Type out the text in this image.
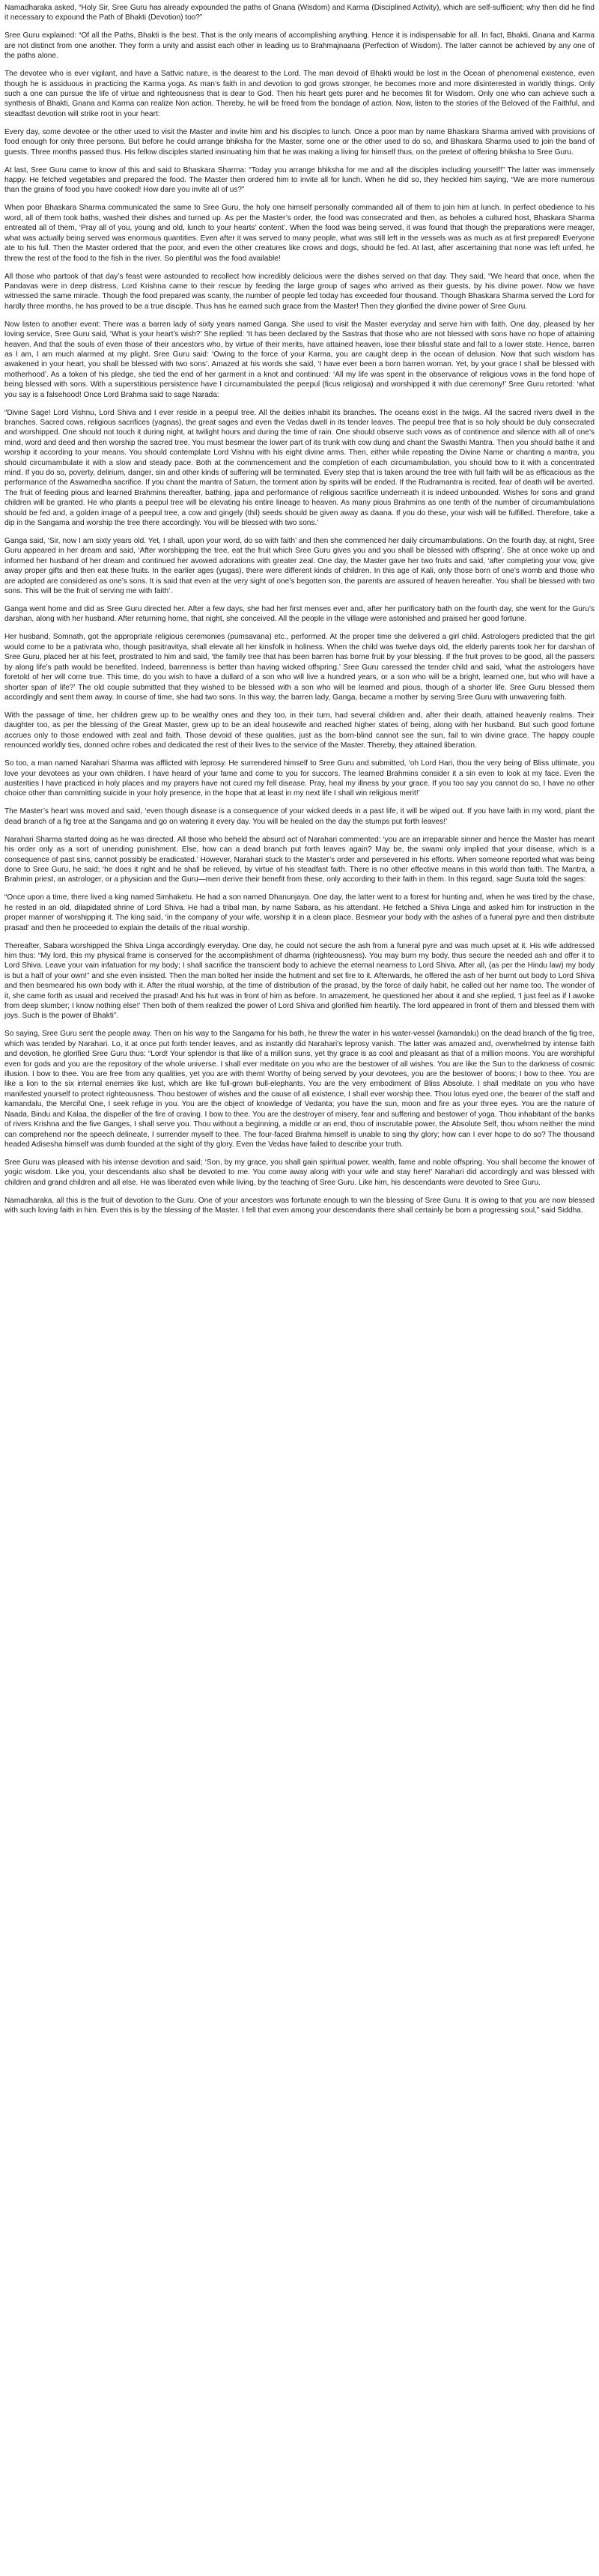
Namadharaka asked, “Holy Sir, Sree Guru has already expounded the paths of Gnana (Wisdom) and Karma (Disciplined Activity), which are self-sufficient; why then did he find it necessary to expound the Path of Bhakti (Devotion) too?”

Sree Guru explained: “Of all the Paths, Bhakti is the best. That is the only means of accomplishing anything. Hence it is indispensable for all. In fact, Bhakti, Gnana and Karma are not distinct from one another. They form a unity and assist each other in leading us to Brahmajnaana (Perfection of Wisdom). The latter cannot be achieved by any one of the paths alone.

The devotee who is ever vigilant, and have a Sattvic nature, is the dearest to the Lord. The man devoid of Bhakti would be lost in the Ocean of phenomenal existence, even though he is assiduous in practicing the Karma yoga. As man’s faith in and devotion to god grows stronger, he becomes more and more disinterested in worldly things. Only such a one can pursue the life of virtue and righteousness that is dear to God. Then his heart gets purer and he becomes fit for Wisdom. Only one who can achieve such a synthesis of Bhakti, Gnana and Karma can realize Non action. Thereby, he will be freed from the bondage of action. Now, listen to the stories of the Beloved of the Faithful, and steadfast devotion will strike root in your heart:

Every day, some devotee or the other used to visit the Master and invite him and his disciples to lunch. Once a poor man by name Bhaskara Sharma arrived with provisions of food enough for only three persons. But before he could arrange bhiksha for the Master, some one or the other used to do so, and Bhaskara Sharma used to join the band of guests. Three months passed thus. His fellow disciples started insinuating him that he was making a living for himself thus, on the pretext of offering bhiksha to Sree Guru.

At last, Sree Guru came to know of this and said to Bhaskara Sharma: “Today you arrange bhiksha for me and all the disciples including yourself!” The latter was immensely happy. He fetched vegetables and prepared the food. The Master then ordered him to invite all for lunch. When he did so, they heckled him saying, “We are more numerous than the grains of food you have cooked! How dare you invite all of us?”

When poor Bhaskara Sharma communicated the same to Sree Guru, the holy one himself personally commanded all of them to join him at lunch. In perfect obedience to his word, all of them took baths, washed their dishes and turned up. As per the Master’s order, the food was consecrated and then, as beholes a cultured host, Bhaskara Sharma entreated all of them, ‘Pray all of you, young and old, lunch to your hearts’ content’. When the food was being served, it was found that though the preparations were meager, what was actually being served was enormous quantities. Even after it was served to many people, what was still left in the vessels was as much as at first prepared! Everyone ate to his full. Then the Master ordered that the poor, and even the other creatures like crows and dogs, should be fed. At last, after ascertaining that none was left unfed, he threw the rest of the food to the fish in the river. So plentiful was the food available!

All those who partook of that day’s feast were astounded to recollect how incredibly delicious were the dishes served on that day. They said, “We heard that once, when the Pandavas were in deep distress, Lord Krishna came to their rescue by feeding the large group of sages who arrived as their guests, by his divine power. Now we have witnessed the same miracle. Though the food prepared was scanty, the number of people fed today has exceeded four thousand. Though Bhaskara Sharma served the Lord for hardly three months, he has proved to be a true disciple. Thus has he earned such grace from the Master! Then they glorified the divine power of Sree Guru.

Now listen to another event: There was a barren lady of sixty years named Ganga. She used to visit the Master everyday and serve him with faith. One day, pleased by her loving service, Sree Guru said, ‘What is your heart’s wish?’ She replied: ‘It has been declared by the Sastras that those who are not blessed with sons have no hope of attaining heaven. And that the souls of even those of their ancestors who, by virtue of their merits, have attained heaven, lose their blissful state and fall to a lower state. Hence, barren as I am, I am much alarmed at my plight. Sree Guru said: ‘Owing to the force of your Karma, you are caught deep in the ocean of delusion. Now that such wisdom has awakened in your heart, you shall be blessed with two sons’. Amazed at his words she said, ‘I have ever been a born barren woman. Yet, by your grace I shall be blessed with motherhood’. As a token of his pledge, she tied the end of her garment in a knot and continued: ‘All my life was spent in the observance of religious vows in the fond hope of being blessed with sons. With a superstitious persistence have I circumambulated the peepul (ficus religiosa) and worshipped it with due ceremony!’ Sree Guru retorted: ‘what you say is a falsehood! Once Lord Brahma said to sage Narada:

“Divine Sage! Lord Vishnu, Lord Shiva and I ever reside in a peepul tree. All the deities inhabit its branches. The oceans exist in the twigs. All the sacred rivers dwell in the branches. Sacred cows, religious sacrifices (yagnas), the great sages and even the Vedas dwell in its tender leaves. The peepul tree that is so holy should be duly consecrated and worshipped. One should not touch it during night, at twilight hours and during the time of rain. One should observe such vows as of continence and silence with all of one’s mind, word and deed and then worship the sacred tree. You must besmear the lower part of its trunk with cow dung and chant the Swasthi Mantra. Then you should bathe it and worship it according to your means. You should contemplate Lord Vishnu with his eight divine arms. Then, either while repeating the Divine Name or chanting a mantra, you should circumambulate it with a slow and steady pace. Both at the commencement and the completion of each circumambulation, you should bow to it with a concentrated mind. If you do so, poverty, delirium, danger, sin and other kinds of suffering will be terminated. Every step that is taken around the tree with full faith will be as efficacious as the performance of the Aswamedha sacrifice. If you chant the mantra of Saturn, the torment ation by spirits will be ended. If the Rudramantra is recited, fear of death will be averted. The fruit of feeding pious and learned Brahmins thereafter, bathing, japa and performance of religious sacrifice underneath it is indeed unbounded. Wishes for sons and grand children will be granted. He who plants a peepul tree will be elevating his entire lineage to heaven. As many pious Brahmins as one tenth of the number of circumambulations should be fed and, a golden image of a peepul tree, a cow and gingely (thil) seeds should be given away as daana. If you do these, your wish will be fulfilled. Therefore, take a dip in the Sangama and worship the tree there accordingly. You will be blessed with two sons.’

Ganga said, ‘Sir, now I am sixty years old. Yet, I shall, upon your word, do so with faith’ and then she commenced her daily circumambulations. On the fourth day, at night, Sree Guru appeared in her dream and said, ‘After worshipping the tree, eat the fruit which Sree Guru gives you and you shall be blessed with offspring’. She at once woke up and informed her husband of her dream and continued her avowed adorations with greater zeal. One day, the Master gave her two fruits and said, ‘after completing your vow, give away proper gifts and then eat these fruits. In the earlier ages (yugas), there were different kinds of children. In this age of Kali, only those born of one’s womb and those who are adopted are considered as one’s sons. It is said that even at the very sight of one’s begotten son, the parents are assured of heaven hereafter. You shall be blessed with two sons. This will be the fruit of serving me with faith’.

Ganga went home and did as Sree Guru directed her. After a few days, she had her first menses ever and, after her purificatory bath on the fourth day, she went for the Guru’s darshan, along with her husband. After returning home, that night, she conceived. All the people in the village were astonished and praised her good fortune.

Her husband, Somnath, got the appropriate religious ceremonies (pumsavana) etc., performed. At the proper time she delivered a girl child. Astrologers predicted that the girl would come to be a pativrata who, though pasitravitya, shall elevate all her kinsfolk in holiness. When the child was twelve days old, the elderly parents took her for darshan of Sree Guru, placed her at his feet, prostrated to him and said, ‘the family tree that has been barren has borne fruit by your blessing. If the fruit proves to be good, all the passers by along life’s path would be benefited. Indeed, barrenness is better than having wicked offspring.’ Sree Guru caressed the tender child and said, ‘what the astrologers have foretold of her will come true. This time, do you wish to have a dullard of a son who will live a hundred years, or a son who will be a bright, learned one, but who will have a shorter span of life?’ The old couple submitted that they wished to be blessed with a son who will be learned and pious, though of a shorter life. Sree Guru blessed them accordingly and sent them away. In course of time, she had two sons. In this way, the barren lady, Ganga, became a mother by serving Sree Guru with unwavering faith.

With the passage of time, her children grew up to be wealthy ones and they too, in their turn, had several children and, after their death, attained heavenly realms. Their daughter too, as per the blessing of the Great Master, grew up to be an ideal housewife and reached higher states of being, along with her husband. But such good fortune accrues only to those endowed with zeal and faith. Those devoid of these qualities, just as the born-blind cannot see the sun, fail to win divine grace. The happy couple renounced worldly ties, donned ochre robes and dedicated the rest of their lives to the service of the Master. Thereby, they attained liberation.

So too, a man named Narahari Sharma was afflicted with leprosy. He surrendered himself to Sree Guru and submitted, ‘oh Lord Hari, thou the very being of Bliss ultimate, you love your devotees as your own children. I have heard of your fame and come to you for succors. The learned Brahmins consider it a sin even to look at my face. Even the austerities I have practiced in holy places and my prayers have not cured my fell disease. Pray, heal my illness by your grace. If you too say you cannot do so, I have no other choice other than committing suicide in your holy presence, in the hope that at least in my next life I shall win religious merit!’

The Master’s heart was moved and said, ‘even though disease is a consequence of your wicked deeds in a past life, it will be wiped out. If you have faith in my word, plant the dead branch of a fig tree at the Sangama and go on watering it every day. You will be healed on the day the stumps put forth leaves!’

Narahari Sharma started doing as he was directed. All those who beheld the absurd act of Narahari commented: ‘you are an irreparable sinner and hence the Master has meant his order only as a sort of unending punishment. Else, how can a dead branch put forth leaves again? May be, the swami only implied that your disease, which is a consequence of past sins, cannot possibly be eradicated.’ However, Narahari stuck to the Master’s order and persevered in his efforts. When someone reported what was being done to Sree Guru, he said; ‘he does it right and he shall be relieved, by virtue of his steadfast faith. There is no other effective means in this world than faith. The Mantra, a Brahmin priest, an astrologer, or a physician and the Guru—men derive their benefit from these, only according to their faith in them. In this regard, sage Suuta told the sages:

“Once upon a time, there lived a king named Simhaketu. He had a son named Dhanunjaya. One day, the latter went to a forest for hunting and, when he was tired by the chase, he rested in an old, dilapidated shrine of Lord Shiva. He had a tribal man, by name Sabara, as his attendant. He fetched a Shiva Linga and asked him for instruction in the proper manner of worshipping it. The king said, ‘in the company of your wife, worship it in a clean place. Besmear your body with the ashes of a funeral pyre and then distribute prasad’ and then he proceeded to explain the details of the ritual worship.

Thereafter, Sabara worshipped the Shiva Linga accordingly everyday. One day, he could not secure the ash from a funeral pyre and was much upset at it. His wife addressed him thus: “My lord, this my physical frame is conserved for the accomplishment of dharma (righteousness). You may burn my body, thus secure the needed ash and offer it to Lord Shiva. Leave your vain infatuation for my body; I shall sacrifice the transcient body to achieve the eternal nearness to Lord Shiva. After all, (as per the Hindu law) my body is but a half of your own!” and she even insisted. Then the man bolted her inside the hutment and set fire to it. Afterwards, he offered the ash of her burnt out body to Lord Shiva and then besmeared his own body with it. After the ritual worship, at the time of distribution of the prasad, by the force of daily habit, he called out her name too. The wonder of it, she came forth as usual and received the prasad! And his hut was in front of him as before. In amazement, he questioned her about it and she replied, ‘I just feel as if I awoke from deep slumber; I know nothing else!’ Then both of them realized the power of Lord Shiva and glorified him heartily. The lord appeared in front of them and blessed them with joys. Such is the power of Bhakti”.

So saying, Sree Guru sent the people away. Then on his way to the Sangama for his bath, he threw the water in his water-vessel (kamandalu) on the dead branch of the fig tree, which was tended by Narahari. Lo, it at once put forth tender leaves, and as instantly did Narahari’s leprosy vanish. The latter was amazed and, overwhelmed by intense faith and devotion, he glorified Sree Guru thus: “Lord! Your splendor is that like of a million suns, yet thy grace is as cool and pleasant as that of a million moons. You are worshipful even for gods and you are the repository of the whole universe. I shall ever meditate on you who are the bestower of all wishes. You are like the Sun to the darkness of cosmic illusion. I bow to thee. You are free from any qualities, yet you are with them! Worthy of being served by your devotees, you are the bestower of boons; I bow to thee. You are like a lion to the six internal enemies like lust, which are like full-grown bull-elephants. You are the very embodiment of Bliss Absolute. I shall meditate on you who have manifested yourself to protect righteousness. Thou bestower of wishes and the cause of all existence, I shall ever worship thee. Thou lotus eyed one, the bearer of the staff and kamandalu, the Merciful One, I seek refuge in you. You are the object of knowledge of Vedanta; you have the sun, moon and fire as your three eyes. You are the nature of Naada, Bindu and Kalaa, the dispeller of the fire of craving. I bow to thee. You are the destroyer of misery, fear and suffering and bestower of yoga. Thou inhabitant of the banks of rivers Krishna and the five Ganges, I shall serve you. Thou without a beginning, a middle or an end, thou of inscrutable power, the Absolute Self, thou whom neither the mind can comprehend nor the speech delineate, I surrender myself to thee. The four-faced Brahma himself is unable to sing thy glory; how can I ever hope to do so? The thousand headed Adisesha himself was dumb founded at the sight of thy glory. Even the Vedas have failed to describe your truth.

Sree Guru was pleased with his intense devotion and said; ‘Son, by my grace, you shall gain spiritual power, wealth, fame and noble offspring. You shall become the knower of yogic wisdom. Like you, your descendants also shall be devoted to me. You come away along with your wife and stay here!’ Narahari did accordingly and was blessed with children and grand children and all else. He was liberated even while living, by the teaching of Sree Guru. Like him, his descendants were devoted to Sree Guru.

Namadharaka, all this is the fruit of devotion to the Guru. One of your ancestors was fortunate enough to win the blessing of Sree Guru. It is owing to that you are now blessed with such loving faith in him. Even this is by the blessing of the Master. I fell that even among your descendants there shall certainly be born a progressing soul,” said Siddha.
